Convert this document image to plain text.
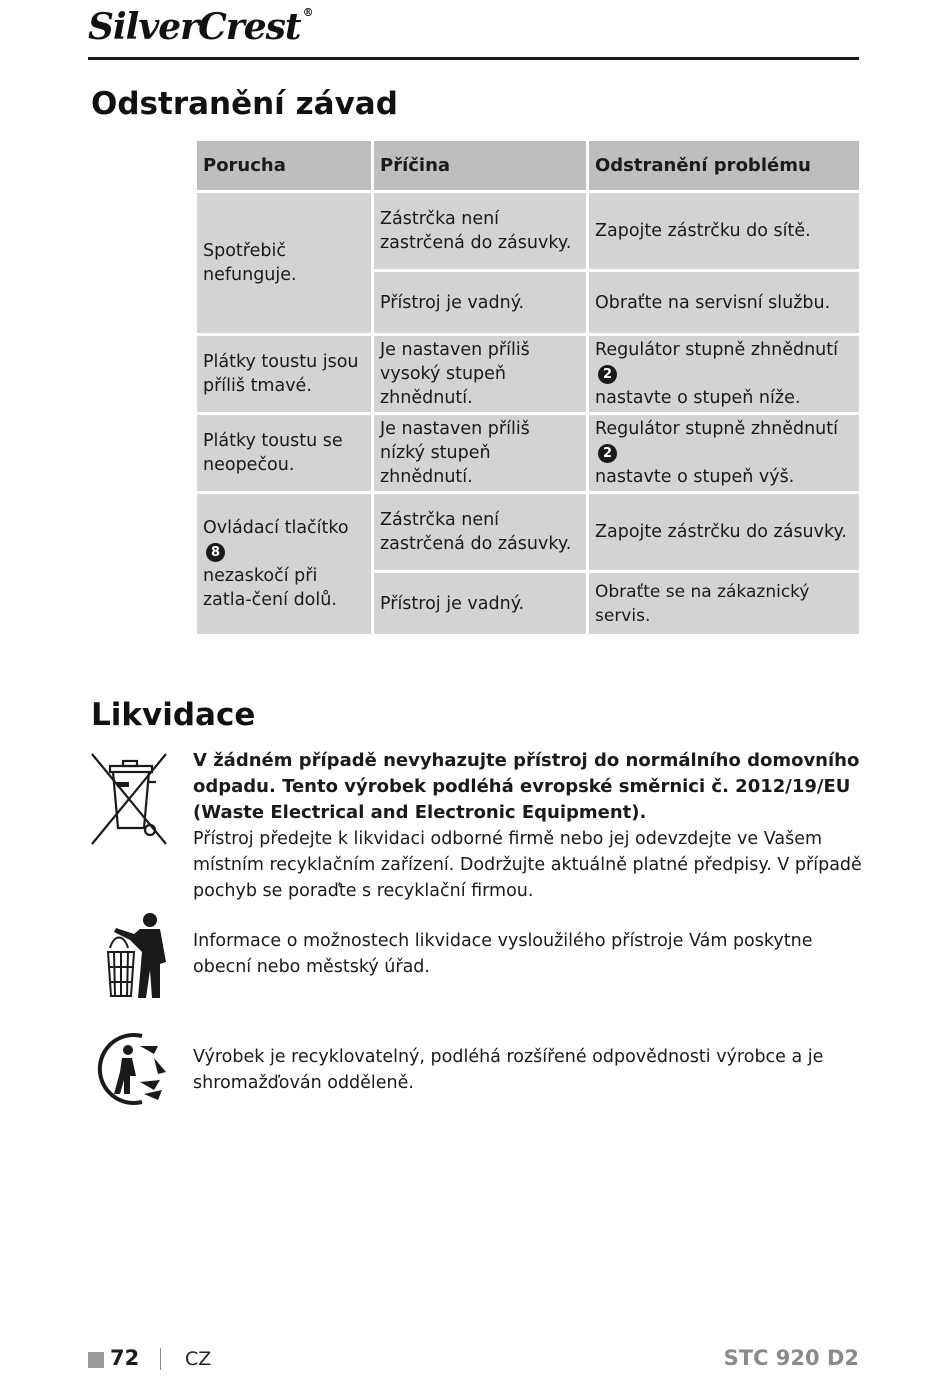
SilverCrest ®
Odstranění závad
Porucha	Příčina	Odstranění problému
Spotřebič nefunguje.	Zástrčka není zastrčená do zásuvky.	Zapojte zástrčku do sítě.
	Přístroj je vadný.	Obraťte na servisní službu.
Plátky toustu jsou příliš tmavé.	Je nastaven příliš vysoký stupeň zhnědnutí.	Regulátor stupně zhnědnutí2
nastavte o stupeň níže.
Plátky toustu se neopečou.	Je nastaven příliš nízký stupeň zhnědnutí.	Regulátor stupně zhnědnutí2
nastavte o stupeň výš.
Ovládací tlačítko8
nezaskočí při zatla-čení dolů.	Zástrčka není zastrčená do zásuvky.	Zapojte zástrčku do zásuvky.
	Přístroj je vadný.	Obraťte se na zákaznický servis.
Likvidace
V žádném případě nevyhazujte přístroj do normálního domovního odpadu. Tento výrobek podléhá evropské směrnici č. 2012/19/EU (Waste Electrical and Electronic Equipment).
Přístroj předejte k likvidaci odborné firmě nebo jej odevzdejte ve Vašem místním recyklačním zařízení. Dodržujte aktuálně platné předpisy. V případě pochyb se poraďte s recyklační firmou.
Informace o možnostech likvidace vysloužilého přístroje Vám poskytne obecní nebo městský úřad.
Výrobek je recyklovatelný, podléhá rozšířené odpovědnosti výrobce a je shromažďován odděleně.
72 CZ	STC 920 D2
